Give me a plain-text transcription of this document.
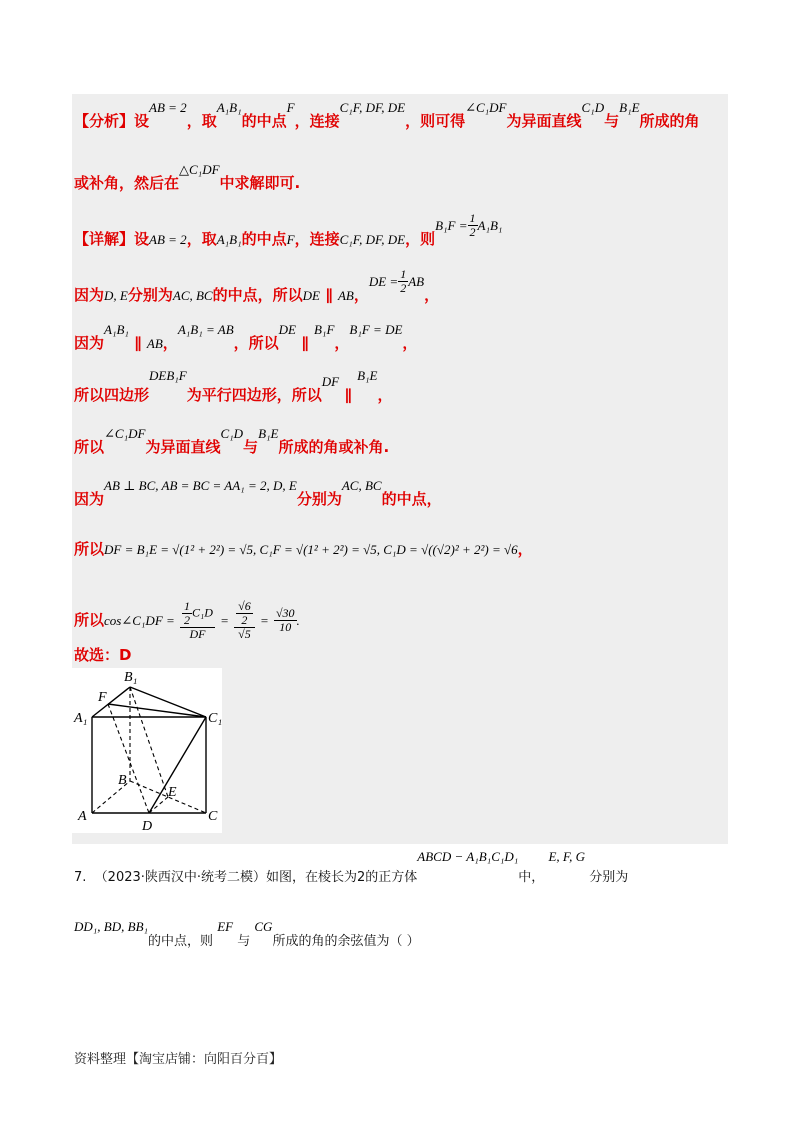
【分析】设AB = 2，取A₁B₁的中点F，连接C₁F, DF, DE，则可得∠C₁DF为异面直线C₁D与B₁E所成的角
或补角，然后在△C₁DF中求解即可.
【详解】设AB = 2，取A₁B₁的中点F，连接C₁F, DF, DE，则$B_1F = \frac{1}{2} A_1B_1$
因为D, E分别为AC, BC的中点，所以DE ∥ AB，DE = $\frac{1}{2}$ AB，
因为A₁B₁ ∥ AB，A₁B₁ = AB，所以DE ∥ B₁F，B₁F = DE，
所以四边形DEB₁F为平行四边形，所以DF ∥ B₁E，
所以∠C₁DF为异面直线C₁D与B₁E所成的角或补角.
因为AB ⊥ BC, AB = BC = AA₁ = 2, D, E分别为AC, BC的中点，
所以DF = B₁E = √(1² + 2²) = √5, C₁F = √(1² + 2²) = √5, C₁D = √((√2)² + 2²) = √6，
所以cos∠C₁DF = $\frac{\frac{1}{2} C_1D}{DF} = \frac{\frac{√6}{2}}{√5} = \frac{√30}{10}$ .
故选：D
B₁
F
A₁	C₁
B
E
A
D
C
7. （2023·陕西汉中·统考二模）如图，在棱长为2的正方体ABCD − A₁B₁C₁D₁中， E, F, G 分别为
DD₁, BD, BB₁的中点，则 EF 与 CG所成的角的余弦值为（ ）
资料整理【淘宝店铺：向阳百分百】
